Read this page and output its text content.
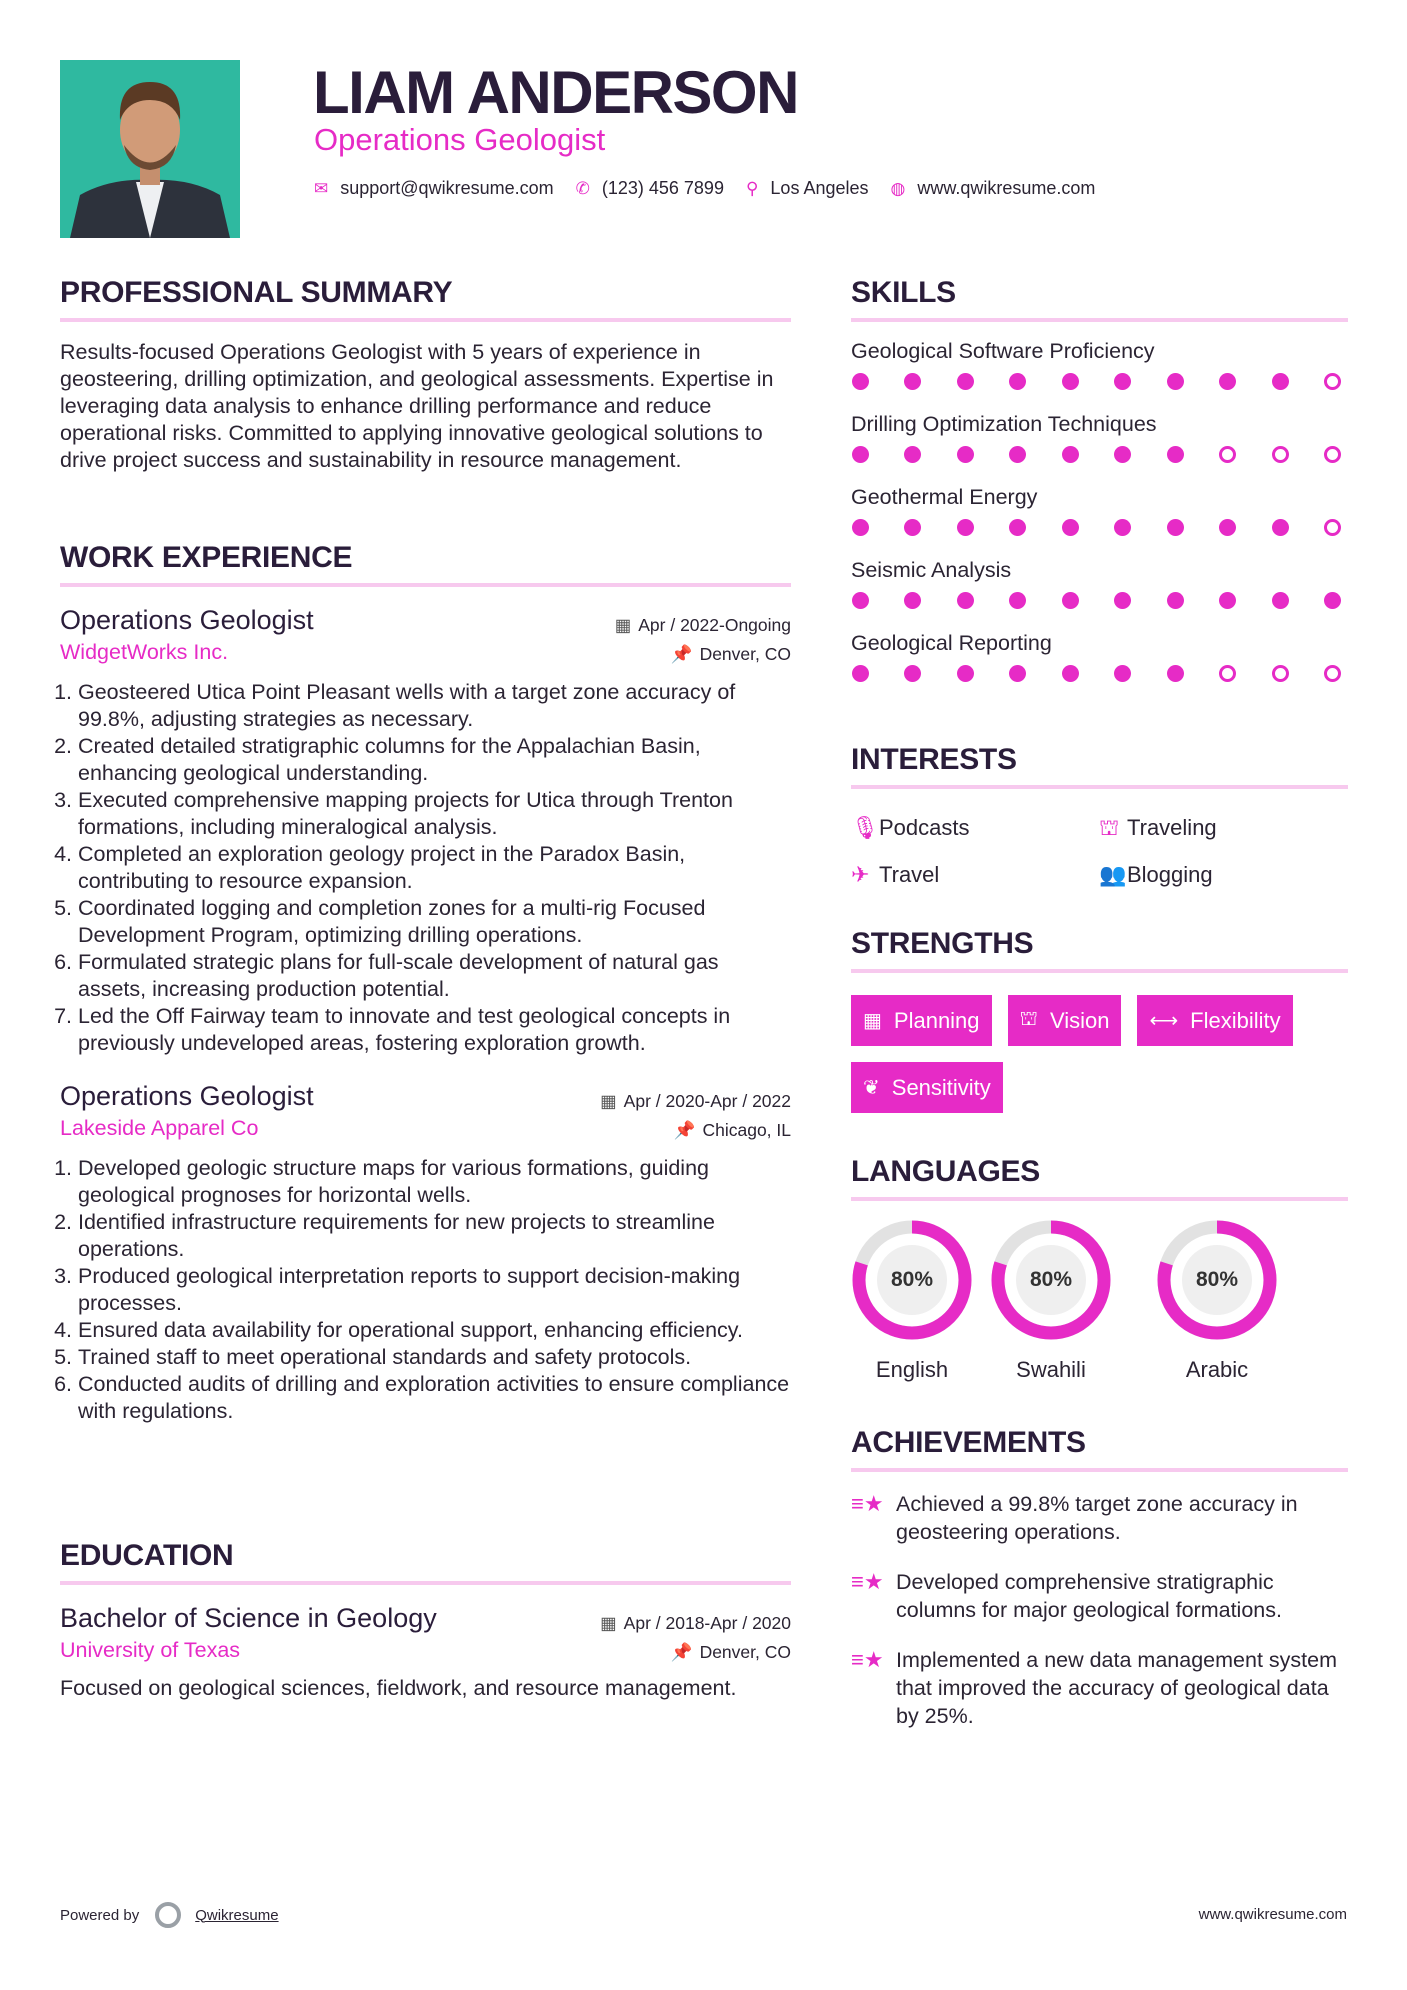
LIAM ANDERSON
Operations Geologist
✉ support@qwikresume.com ✆ (123) 456 7899 ⚲ Los Angeles ◍ www.qwikresume.com
PROFESSIONAL SUMMARY
Results-focused Operations Geologist with 5 years of experience in geosteering, drilling optimization, and geological assessments. Expertise in leveraging data analysis to enhance drilling performance and reduce operational risks. Committed to applying innovative geological solutions to drive project success and sustainability in resource management.
WORK EXPERIENCE
Operations Geologist	▦ Apr / 2022-Ongoing
WidgetWorks Inc.	📌 Denver, CO
1. Geosteered Utica Point Pleasant wells with a target zone accuracy of 99.8%, adjusting strategies as necessary.
2. Created detailed stratigraphic columns for the Appalachian Basin, enhancing geological understanding.
3. Executed comprehensive mapping projects for Utica through Trenton formations, including mineralogical analysis.
4. Completed an exploration geology project in the Paradox Basin, contributing to resource expansion.
5. Coordinated logging and completion zones for a multi-rig Focused Development Program, optimizing drilling operations.
6. Formulated strategic plans for full-scale development of natural gas assets, increasing production potential.
7. Led the Off Fairway team to innovate and test geological concepts in previously undeveloped areas, fostering exploration growth.
Operations Geologist	▦ Apr / 2020-Apr / 2022
Lakeside Apparel Co	📌 Chicago, IL
1. Developed geologic structure maps for various formations, guiding geological prognoses for horizontal wells.
2. Identified infrastructure requirements for new projects to streamline operations.
3. Produced geological interpretation reports to support decision-making processes.
4. Ensured data availability for operational support, enhancing efficiency.
5. Trained staff to meet operational standards and safety protocols.
6. Conducted audits of drilling and exploration activities to ensure compliance with regulations.
EDUCATION
Bachelor of Science in Geology	▦ Apr / 2018-Apr / 2020
University of Texas	📌 Denver, CO
Focused on geological sciences, fieldwork, and resource management.
SKILLS
Geological Software Proficiency
Drilling Optimization Techniques
Geothermal Energy
Seismic Analysis
Geological Reporting
INTERESTS
🎙Podcasts	⛫ Traveling
✈ Travel	👥Blogging
STRENGTHS
▦ Planning ⛫ Vision ⟷ Flexibility
❦ Sensitivity
LANGUAGES
80%
English
80%
Swahili
80%
Arabic
ACHIEVEMENTS
≡★ Achieved a 99.8% target zone accuracy in geosteering operations.
≡★ Developed comprehensive stratigraphic columns for major geological formations.
≡★ Implemented a new data management system that improved the accuracy of geological data by 25%.
Powered by	Qwikresume	www.qwikresume.com
